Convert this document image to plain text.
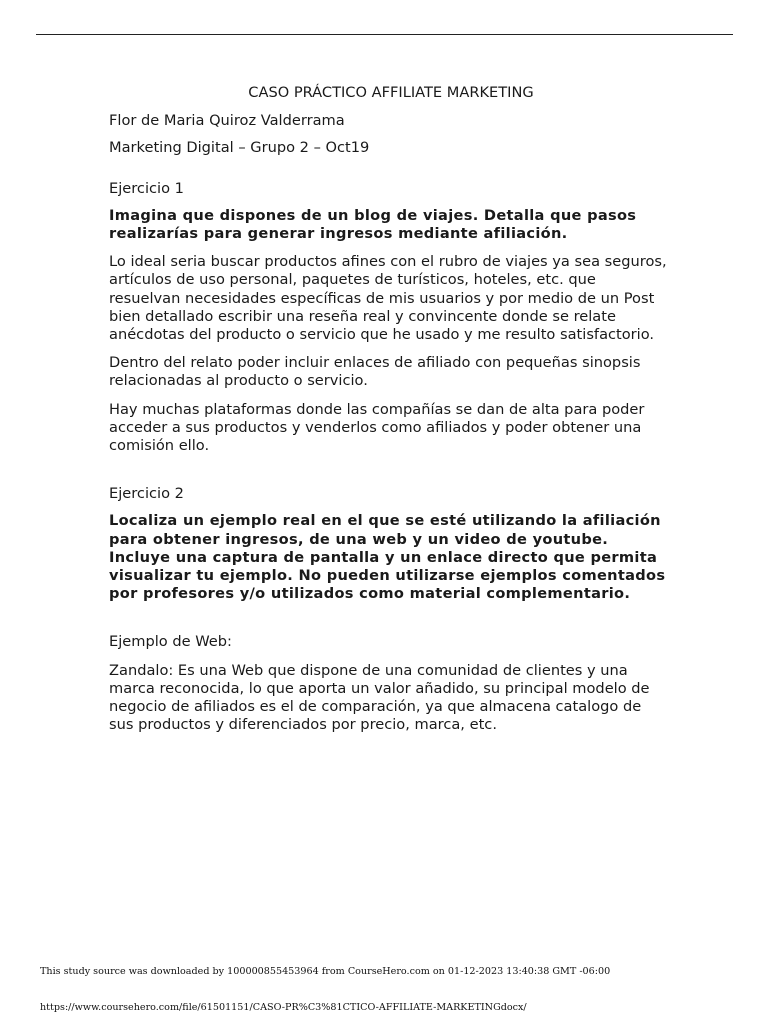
CASO PRÁCTICO AFFILIATE MARKETING
Flor de Maria Quiroz Valderrama
Marketing Digital – Grupo 2 – Oct19
Ejercicio 1
Imagina que dispones de un blog de viajes. Detalla que pasos realizarías para generar ingresos mediante afiliación.
Lo ideal seria buscar productos afines con el rubro de viajes ya sea seguros, artículos de uso personal, paquetes de turísticos, hoteles, etc. que resuelvan necesidades específicas de mis usuarios y por medio de un Post bien detallado escribir una reseña real y convincente donde se relate anécdotas del producto o servicio que he usado y me resulto satisfactorio.
Dentro del relato poder incluir enlaces de afiliado con pequeñas sinopsis relacionadas al producto o servicio.
Hay muchas plataformas donde las compañías se dan de alta para poder acceder a sus productos y venderlos como afiliados y poder obtener una comisión ello.
Ejercicio 2
Localiza un ejemplo real en el que se esté utilizando la afiliación para obtener ingresos, de una web y un video de youtube. Incluye una captura de pantalla y un enlace directo que permita visualizar tu ejemplo. No pueden utilizarse ejemplos comentados por profesores y/o utilizados como material complementario.
Ejemplo de Web:
Zandalo: Es una Web que dispone de una comunidad de clientes y una marca reconocida, lo que aporta un valor añadido, su principal modelo de negocio de afiliados es el de comparación, ya que almacena catalogo de sus productos y diferenciados por precio, marca, etc.
This study source was downloaded by 100000855453964 from CourseHero.com on 01-12-2023 13:40:38 GMT -06:00
https://www.coursehero.com/file/61501151/CASO-PR%C3%81CTICO-AFFILIATE-MARKETINGdocx/
